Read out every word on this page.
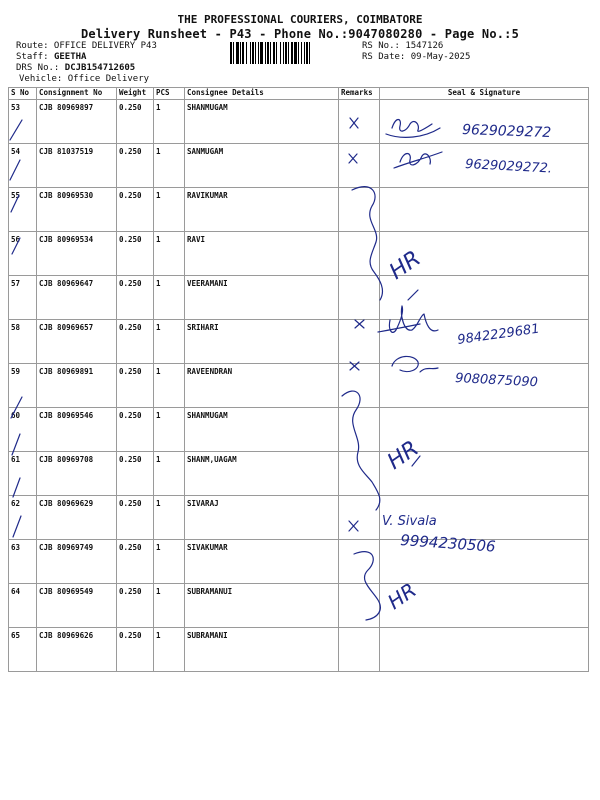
THE PROFESSIONAL COURIERS, COIMBATORE
Delivery Runsheet - P43 - Phone No.:9047080280 - Page No.:5
Route: OFFICE DELIVERY P43
Staff: GEETHA
DRS No.: DCJB154712605
Vehicle: Office Delivery
RS No.: 1547126
RS Date: 09-May-2025
S No	Consignment No	Weight	PCS	Consignee Details	Remarks	Seal & Signature
53	CJB 80969897	0.250	1	SHANMUGAM		
54	CJB 81037519	0.250	1	SANMUGAM		
55	CJB 80969530	0.250	1	RAVIKUMAR		
56	CJB 80969534	0.250	1	RAVI		
57	CJB 80969647	0.250	1	VEERAMANI		
58	CJB 80969657	0.250	1	SRIHARI		
59	CJB 80969891	0.250	1	RAVEENDRAN		
60	CJB 80969546	0.250	1	SHANMUGAM		
61	CJB 80969708	0.250	1	SHANM,UAGAM		
62	CJB 80969629	0.250	1	SIVARAJ		
63	CJB 80969749	0.250	1	SIVAKUMAR		
64	CJB 80969549	0.250	1	SUBRAMANUI		
65	CJB 80969626	0.250	1	SUBRAMANI		
9629029272
9629029272.
9842229681
9080875090
V. Sivala
9994230506
HR
HR
HR
